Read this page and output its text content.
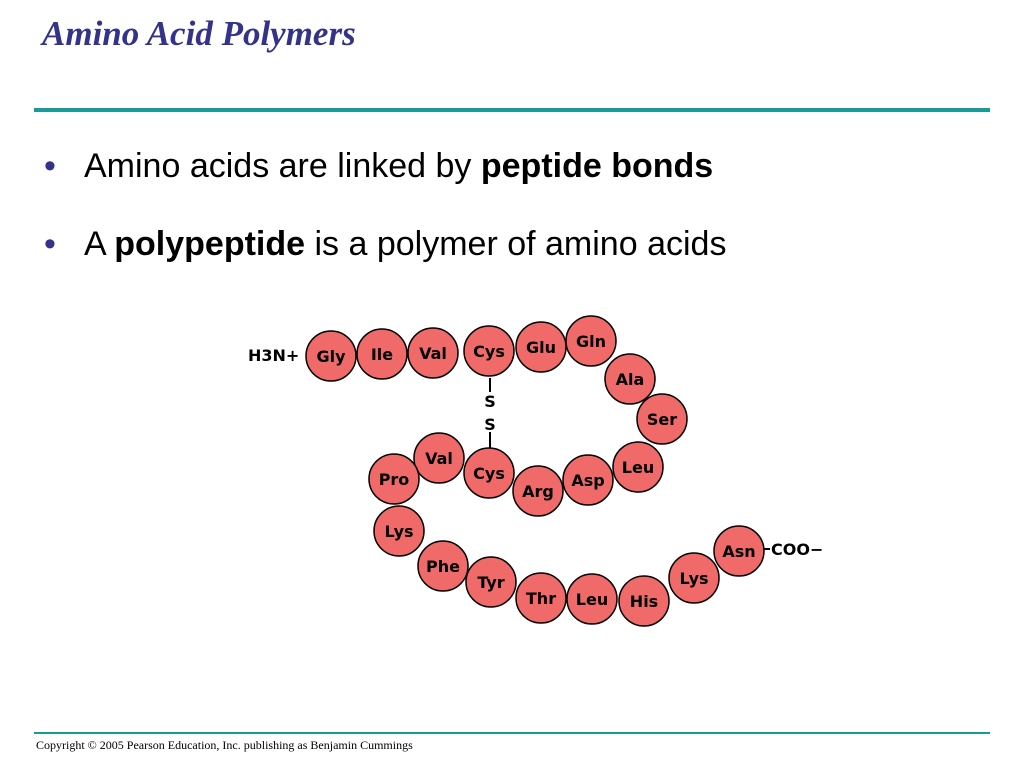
Amino Acid Polymers
• Amino acids are linked by peptide bonds
• A polypeptide is a polymer of amino acids
S
S
Gly Ile Val Cys Glu Gln
Ala
Ser
Leu
Asp
Arg
Cys
Val
Pro
Lys
Phe
Tyr
Thr Leu His
Lys
Asn
H3N+
COO−
Copyright © 2005 Pearson Education, Inc. publishing as Benjamin Cummings
